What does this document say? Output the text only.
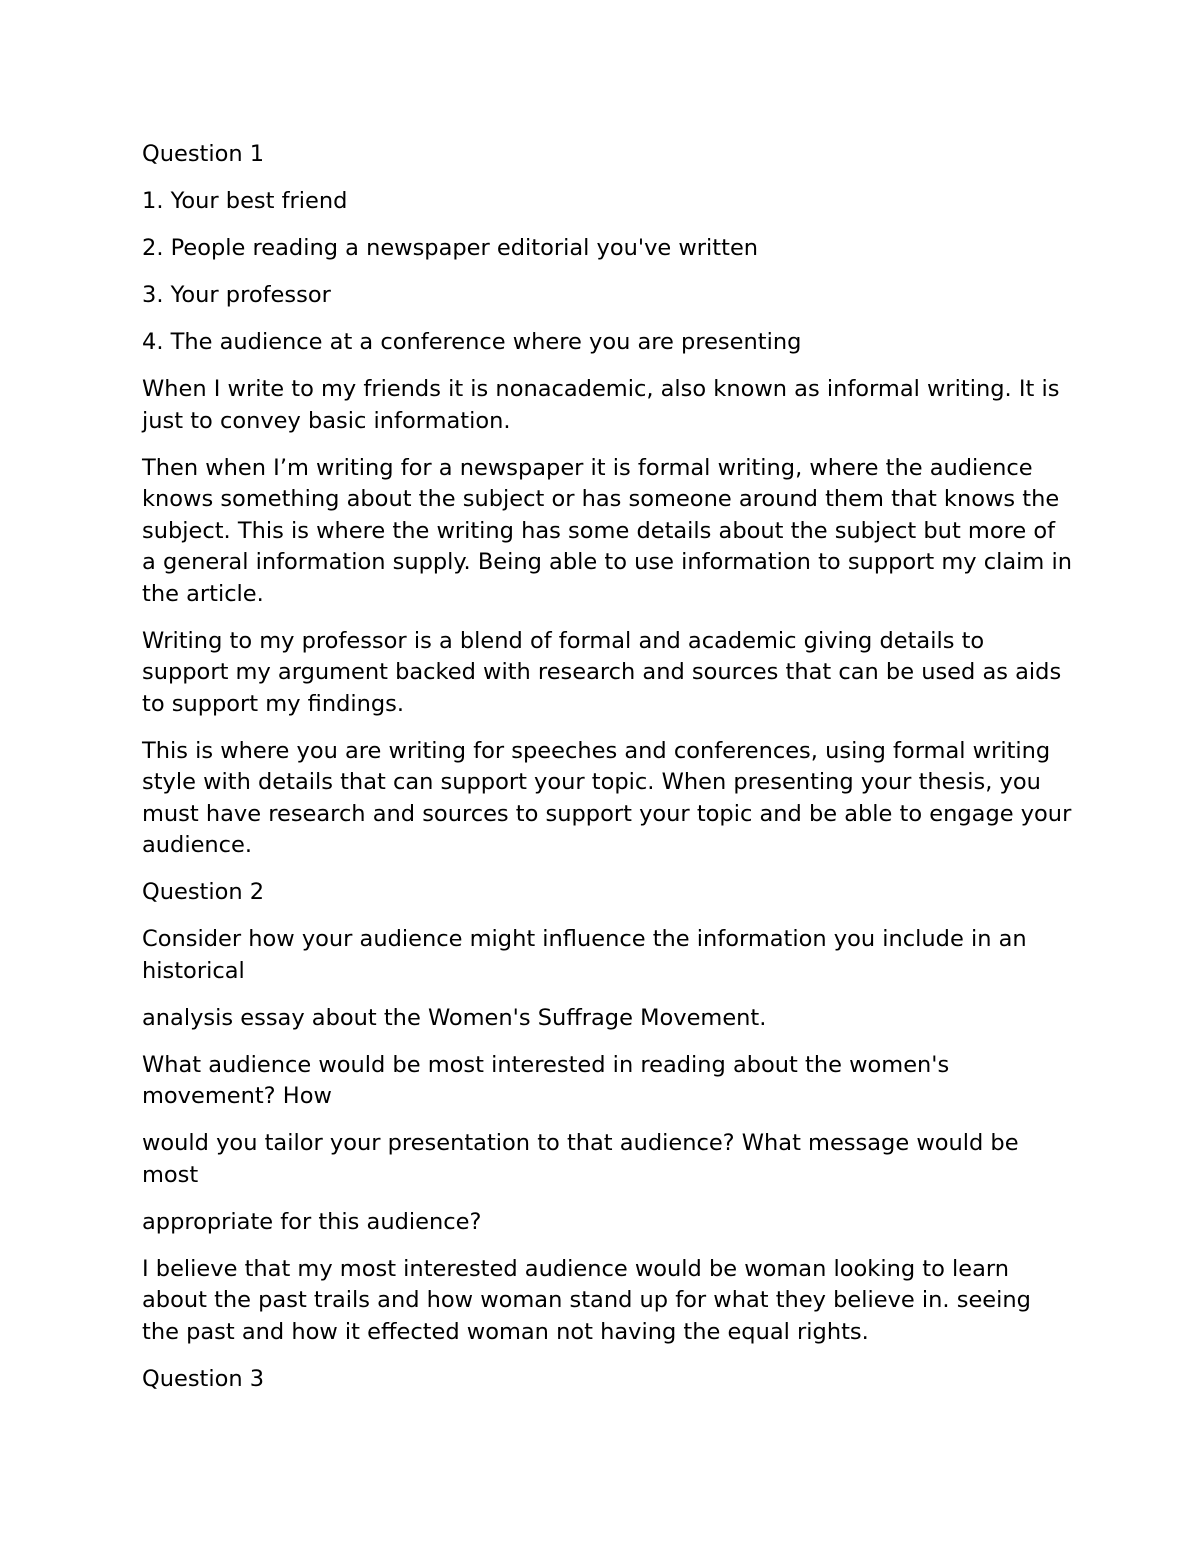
Question 1

1. Your best friend

2. People reading a newspaper editorial you've written

3. Your professor

4. The audience at a conference where you are presenting

When I write to my friends it is nonacademic, also known as informal writing. It is just to convey basic information.

Then when I’m writing for a newspaper it is formal writing, where the audience knows something about the subject or has someone around them that knows the subject. This is where the writing has some details about the subject but more of a general information supply. Being able to use information to support my claim in the article.

Writing to my professor is a blend of formal and academic giving details to support my argument backed with research and sources that can be used as aids to support my findings.

This is where you are writing for speeches and conferences, using formal writing style with details that can support your topic. When presenting your thesis, you must have research and sources to support your topic and be able to engage your audience.

Question 2

Consider how your audience might influence the information you include in an historical

analysis essay about the Women's Suffrage Movement.

What audience would be most interested in reading about the women's movement? How

would you tailor your presentation to that audience? What message would be most

appropriate for this audience?

I believe that my most interested audience would be woman looking to learn about the past trails and how woman stand up for what they believe in. seeing the past and how it effected woman not having the equal rights.

Question 3
